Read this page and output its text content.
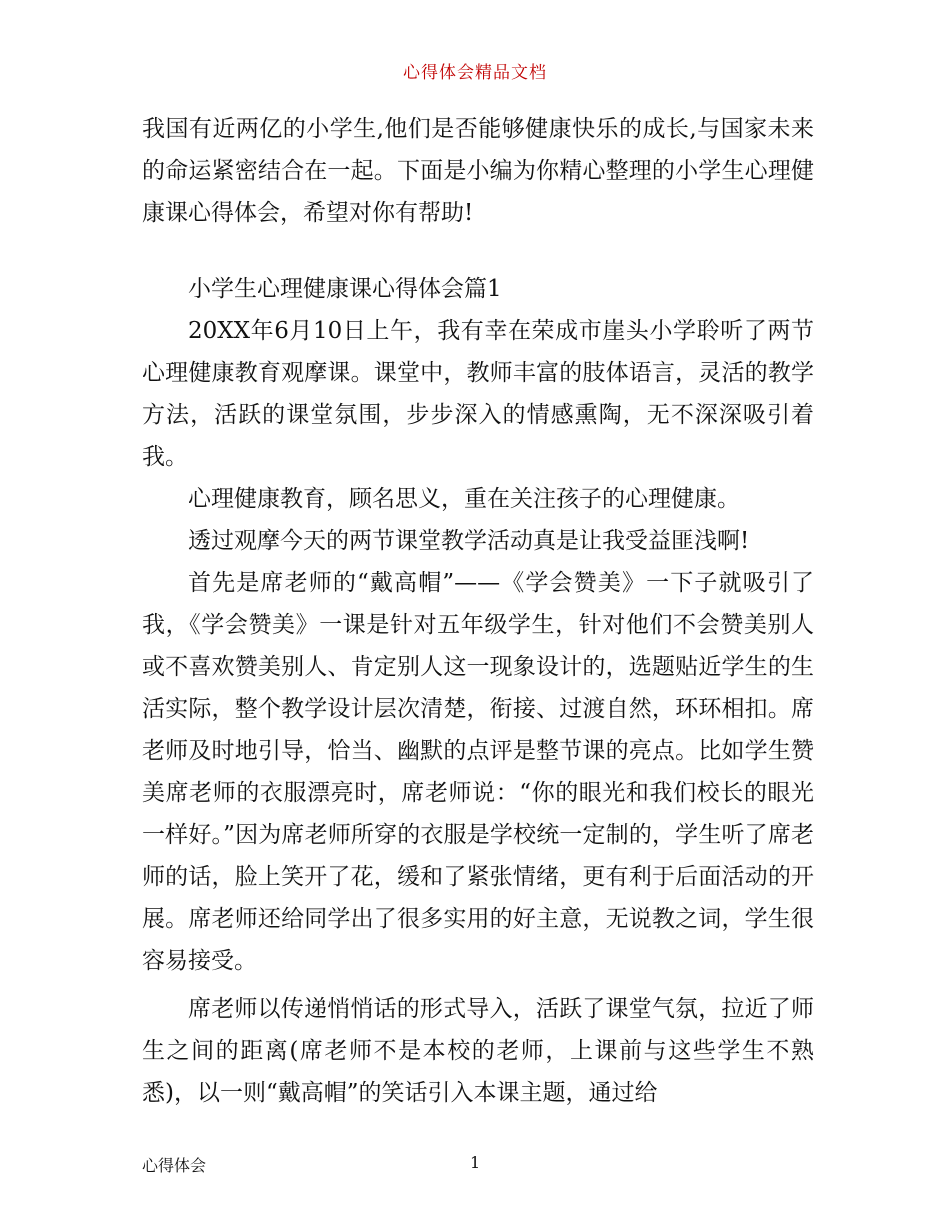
心得体会精品文档

我国有近两亿的小学生,他们是否能够健康快乐的成长,与国家未来的命运紧密结合在一起。下面是小编为你精心整理的小学生心理健康课心得体会，希望对你有帮助!

小学生心理健康课心得体会篇1

20XX年6月10日上午，我有幸在荣成市崖头小学聆听了两节心理健康教育观摩课。课堂中，教师丰富的肢体语言，灵活的教学方法，活跃的课堂氛围，步步深入的情感熏陶，无不深深吸引着我。

心理健康教育，顾名思义，重在关注孩子的心理健康。

透过观摩今天的两节课堂教学活动真是让我受益匪浅啊!

首先是席老师的“戴高帽”——《学会赞美》一下子就吸引了我，《学会赞美》一课是针对五年级学生，针对他们不会赞美别人或不喜欢赞美别人、肯定别人这一现象设计的，选题贴近学生的生活实际，整个教学设计层次清楚，衔接、过渡自然，环环相扣。席老师及时地引导，恰当、幽默的点评是整节课的亮点。比如学生赞美席老师的衣服漂亮时，席老师说：“你的眼光和我们校长的眼光一样好。”因为席老师所穿的衣服是学校统一定制的，学生听了席老师的话，脸上笑开了花，缓和了紧张情绪，更有利于后面活动的开展。席老师还给同学出了很多实用的好主意，无说教之词，学生很容易接受。

席老师以传递悄悄话的形式导入，活跃了课堂气氛，拉近了师生之间的距离(席老师不是本校的老师，上课前与这些学生不熟悉)，以一则“戴高帽”的笑话引入本课主题，通过给

心得体会	1
